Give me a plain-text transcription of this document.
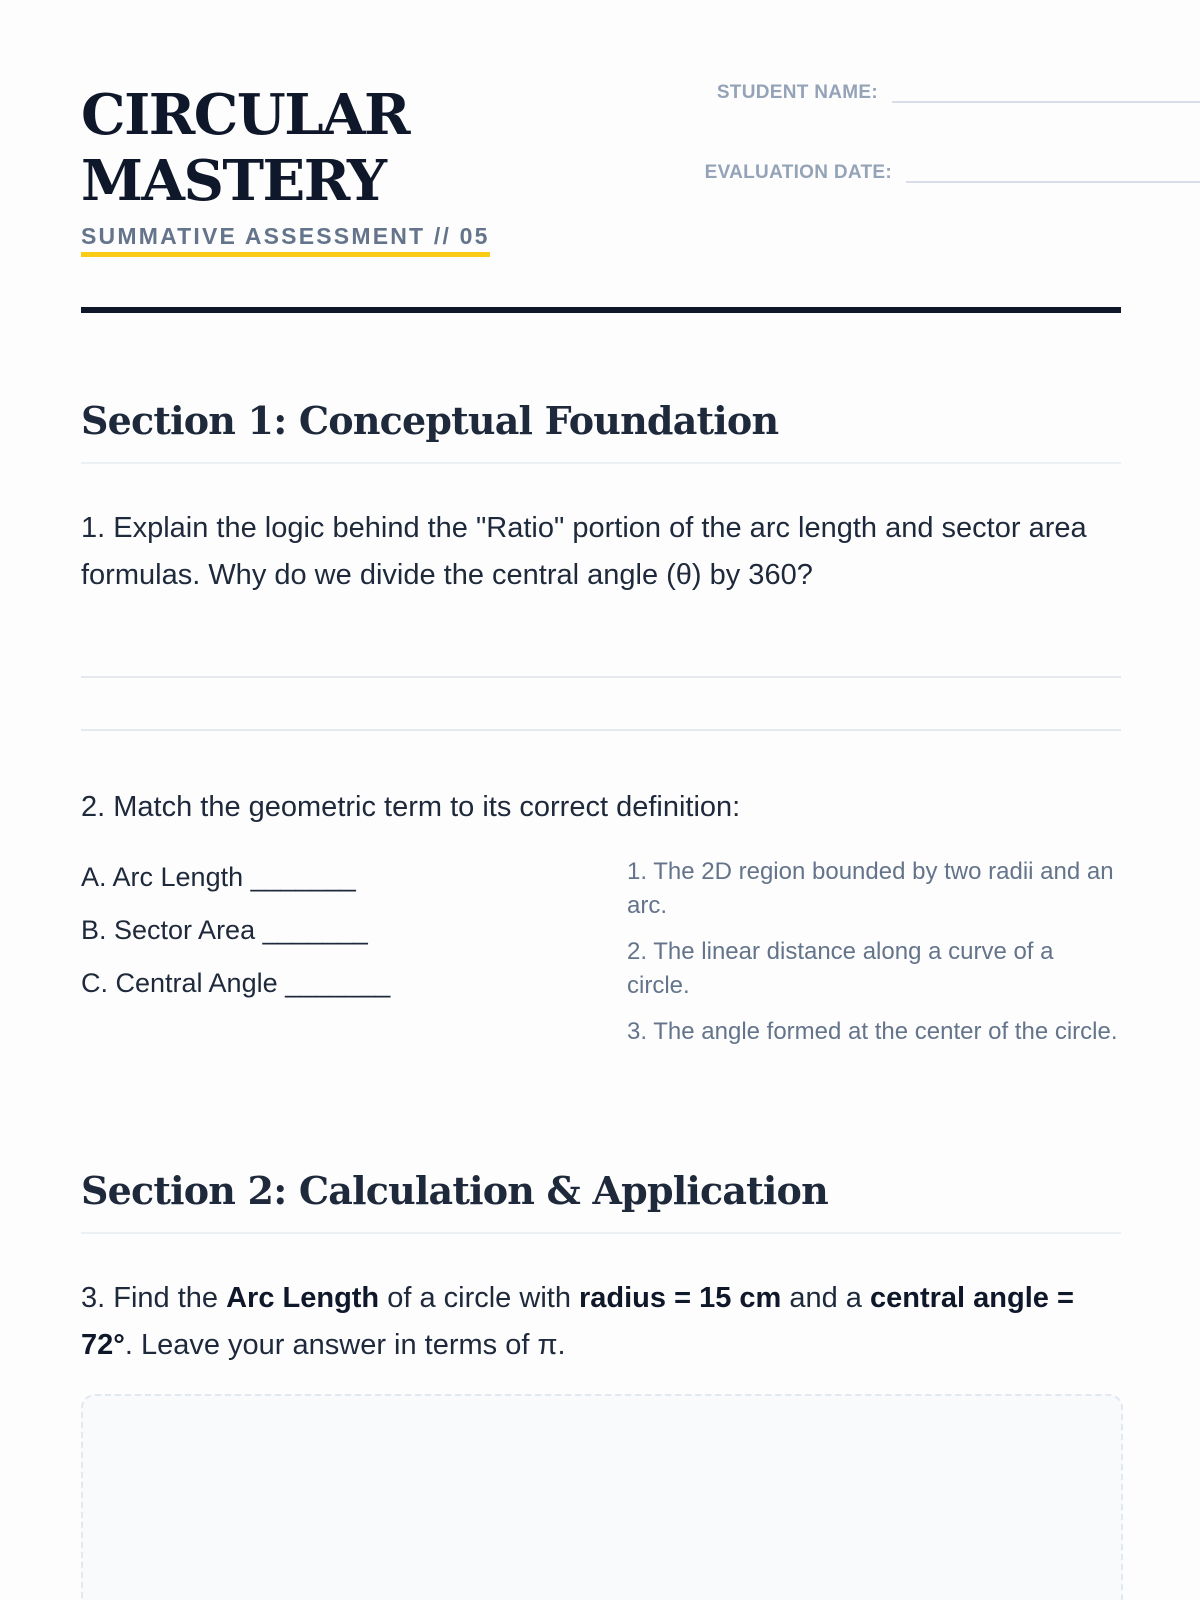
CIRCULAR
MASTERY
SUMMATIVE ASSESSMENT // 05
STUDENT NAME:
EVALUATION DATE:
Section 1: Conceptual Foundation
1. Explain the logic behind the "Ratio" portion of the arc length and sector area formulas. Why do we divide the central angle (θ) by 360?
2. Match the geometric term to its correct definition:
A. Arc Length _______
B. Sector Area _______
C. Central Angle _______
1. The 2D region bounded by two radii and an arc.
2. The linear distance along a curve of a circle.
3. The angle formed at the center of the circle.
Section 2: Calculation & Application
3. Find the Arc Length of a circle with radius = 15 cm and a central angle = 72°. Leave your answer in terms of π.
